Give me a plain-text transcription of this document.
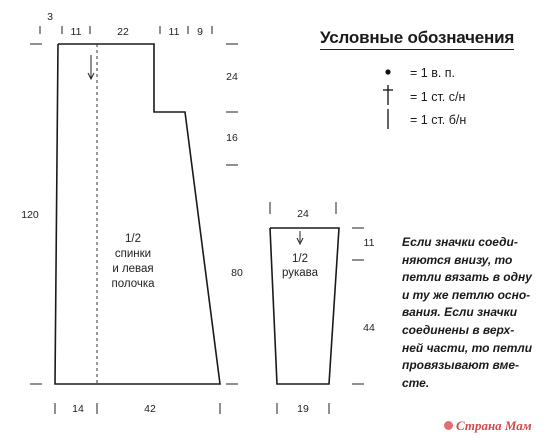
3
11	22	11 9
24
16
80
120
14	42
1/2
спинки
и левая
полочка
24
11
44
19
1/2
рукава
Условные обозначения
= 1 в. п.
= 1 ст. с/н
= 1 ст. б/н
Если значки соеди-
няются внизу, то
петли вязать в одну
и ту же петлю осно-
вания. Если значки
соединены в верх-
ней части, то петли
провязывают вме-
сте.
Страна Мам
